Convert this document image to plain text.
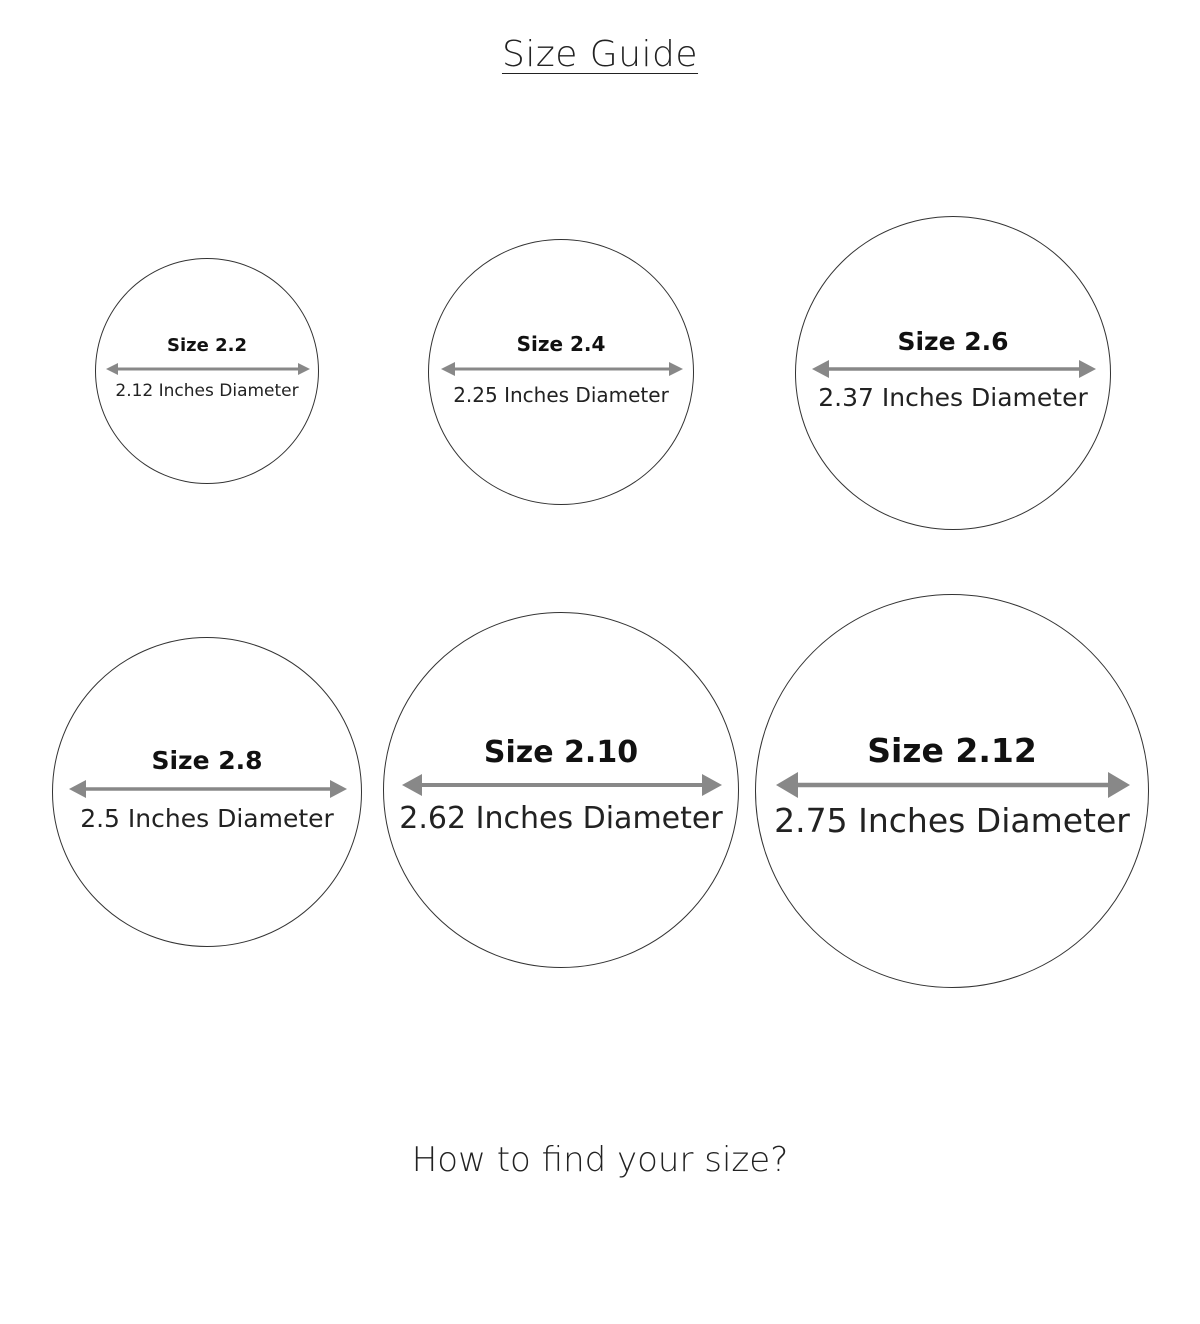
Size Guide
Size 2.2
2.12 Inches Diameter
Size 2.4
2.25 Inches Diameter
Size 2.6
2.37 Inches Diameter
Size 2.8
2.5 Inches Diameter
Size 2.10
2.62 Inches Diameter
Size 2.12
2.75 Inches Diameter
How to find your size?
